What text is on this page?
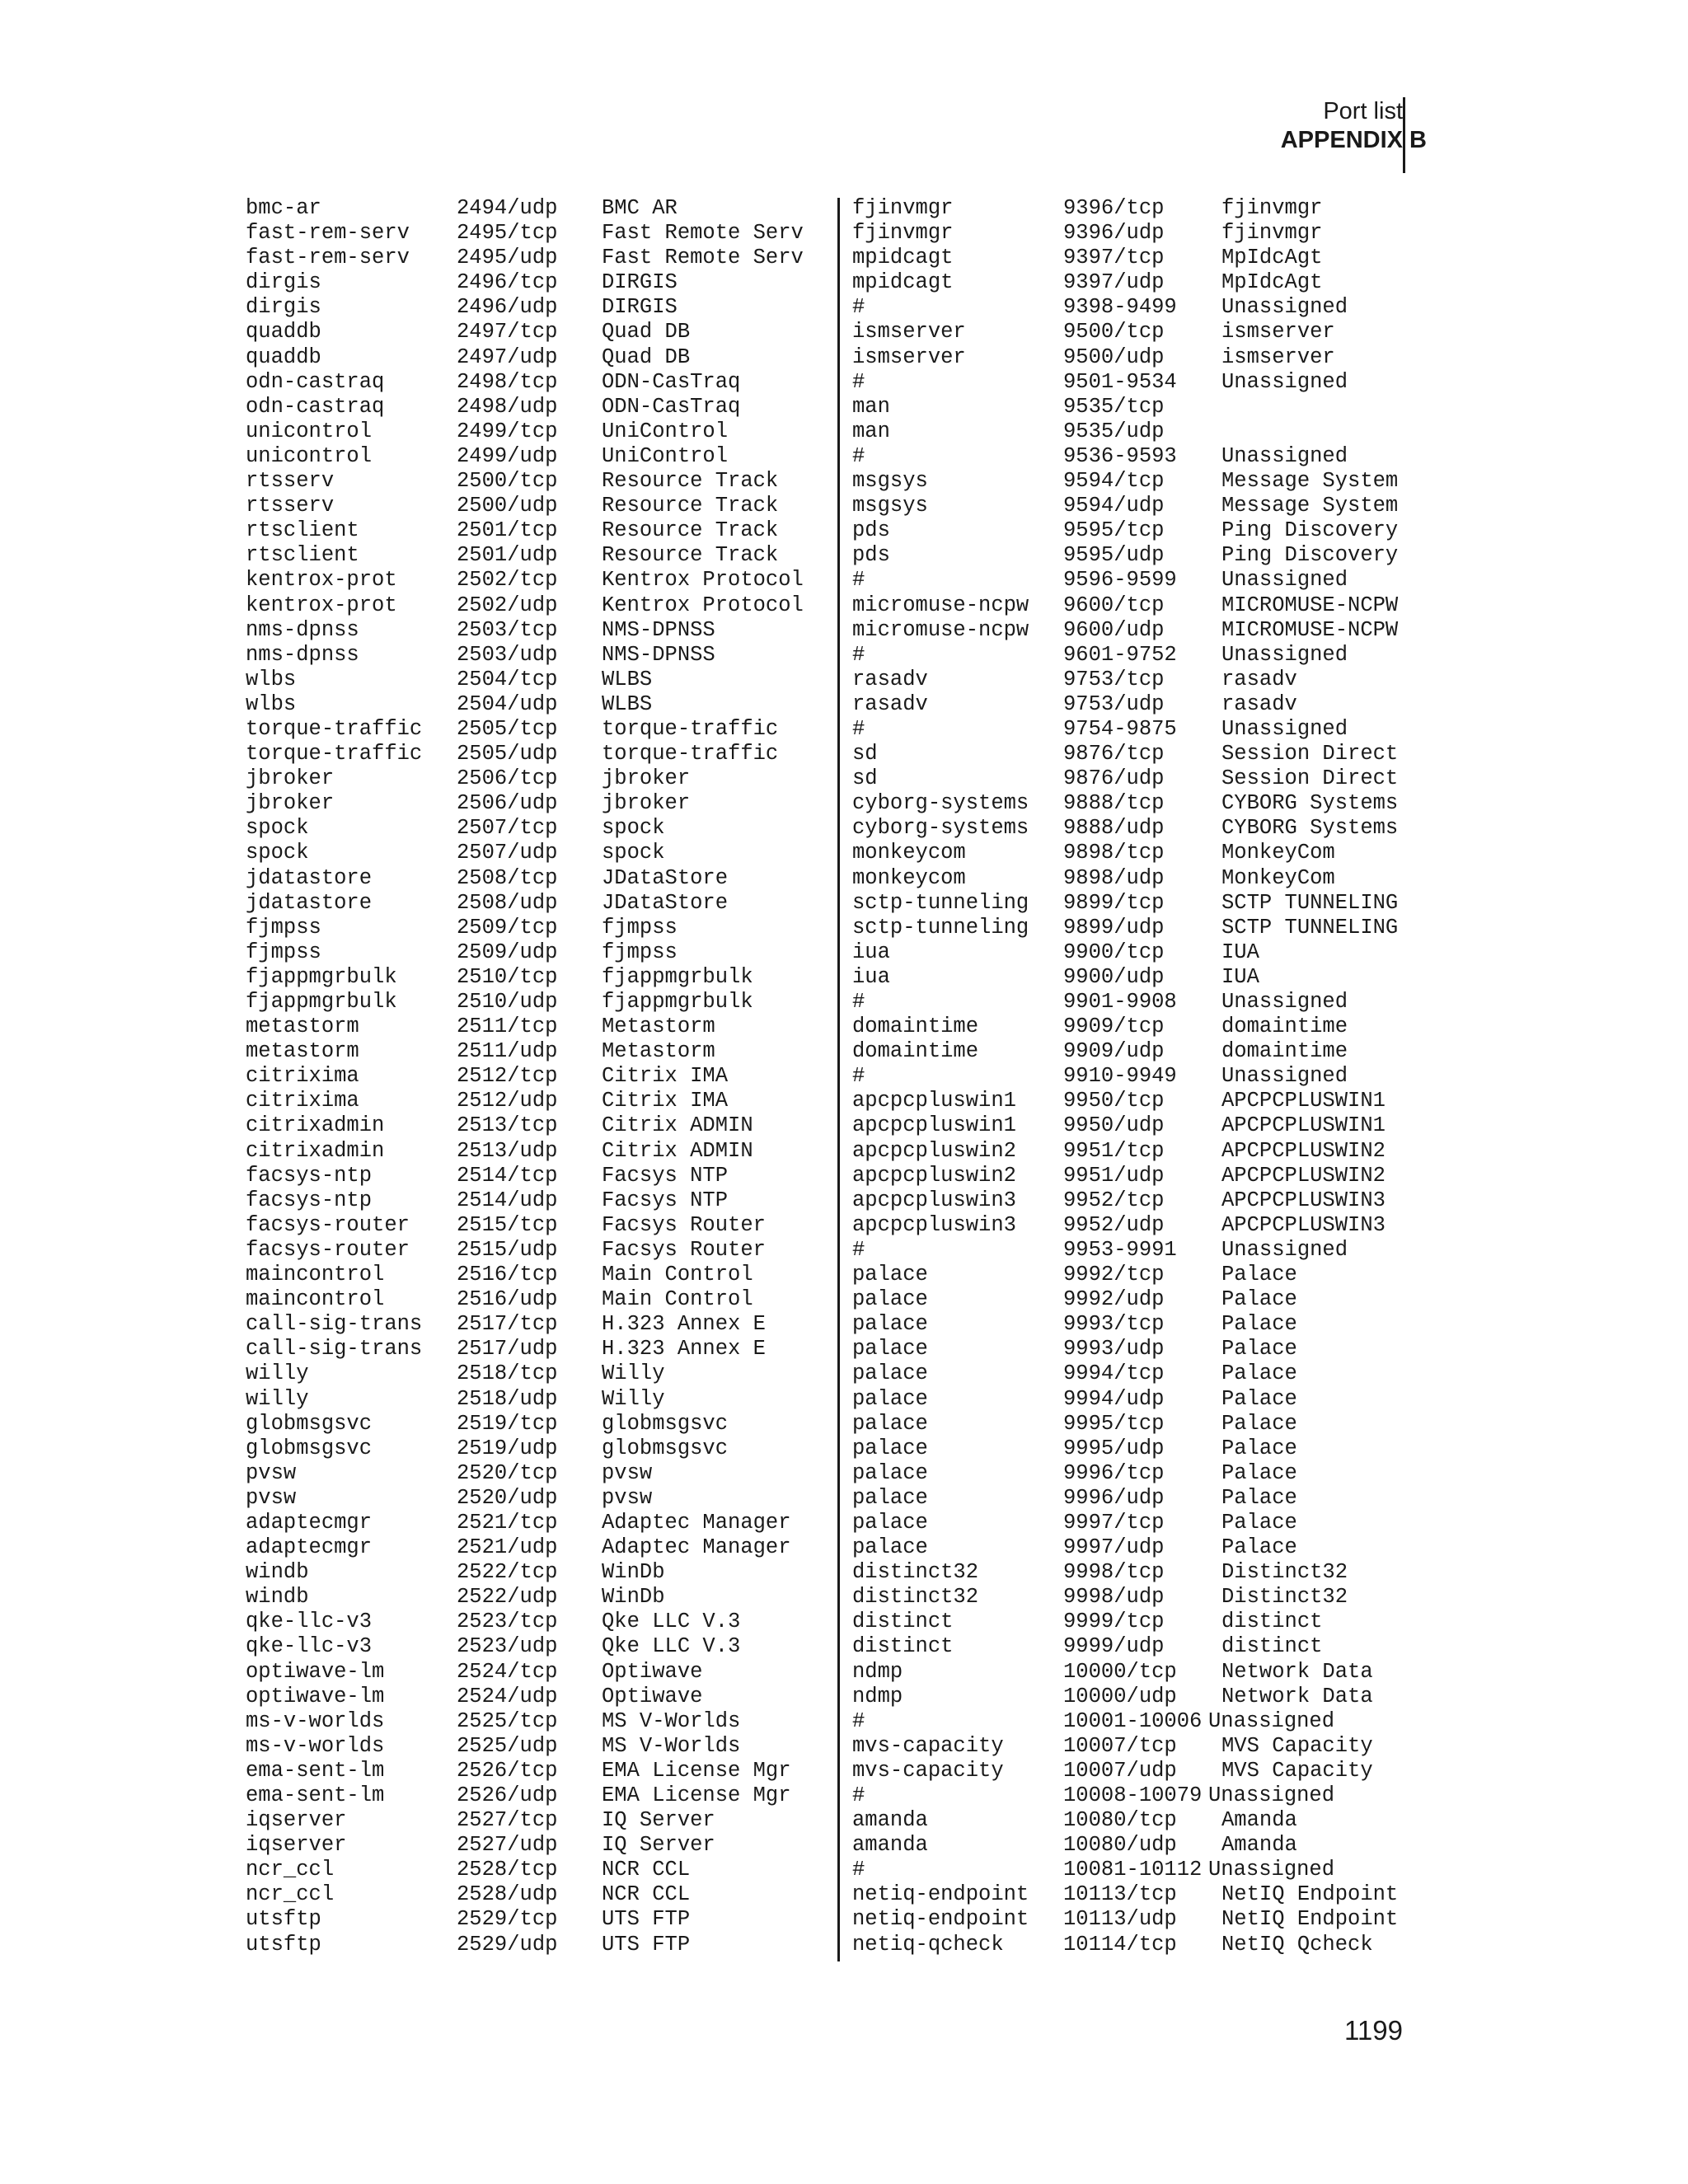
Port list
APPENDIX B
bmc-ar	2494/udp BMC AR
fast-rem-serv 2495/tcp Fast Remote Serv
fast-rem-serv 2495/udp Fast Remote Serv
dirgis	2496/tcp DIRGIS
dirgis	2496/udp DIRGIS
quaddb	2497/tcp Quad DB
quaddb	2497/udp Quad DB
odn-castraq	2498/tcp ODN-CasTraq
odn-castraq	2498/udp ODN-CasTraq
unicontrol	2499/tcp UniControl
unicontrol	2499/udp UniControl
rtsserv	2500/tcp Resource Track
rtsserv	2500/udp Resource Track
rtsclient	2501/tcp Resource Track
rtsclient	2501/udp Resource Track
kentrox-prot	2502/tcp Kentrox Protocol
kentrox-prot	2502/udp Kentrox Protocol
nms-dpnss	2503/tcp NMS-DPNSS
nms-dpnss	2503/udp NMS-DPNSS
wlbs	2504/tcp WLBS
wlbs	2504/udp WLBS
torque-traffic 2505/tcp torque-traffic
torque-traffic 2505/udp torque-traffic
jbroker	2506/tcp jbroker
jbroker	2506/udp jbroker
spock	2507/tcp spock
spock	2507/udp spock
jdatastore	2508/tcp JDataStore
jdatastore	2508/udp JDataStore
fjmpss	2509/tcp fjmpss
fjmpss	2509/udp fjmpss
fjappmgrbulk	2510/tcp fjappmgrbulk
fjappmgrbulk	2510/udp fjappmgrbulk
metastorm	2511/tcp Metastorm
metastorm	2511/udp Metastorm
citrixima	2512/tcp Citrix IMA
citrixima	2512/udp Citrix IMA
citrixadmin	2513/tcp Citrix ADMIN
citrixadmin	2513/udp Citrix ADMIN
facsys-ntp	2514/tcp Facsys NTP
facsys-ntp	2514/udp Facsys NTP
facsys-router 2515/tcp Facsys Router
facsys-router 2515/udp Facsys Router
maincontrol	2516/tcp Main Control
maincontrol	2516/udp Main Control
call-sig-trans 2517/tcp H.323 Annex E
call-sig-trans 2517/udp H.323 Annex E
willy	2518/tcp Willy
willy	2518/udp Willy
globmsgsvc	2519/tcp globmsgsvc
globmsgsvc	2519/udp globmsgsvc
pvsw	2520/tcp pvsw
pvsw	2520/udp pvsw
adaptecmgr	2521/tcp Adaptec Manager
adaptecmgr	2521/udp Adaptec Manager
windb	2522/tcp WinDb
windb	2522/udp WinDb
qke-llc-v3	2523/tcp Qke LLC V.3
qke-llc-v3	2523/udp Qke LLC V.3
optiwave-lm	2524/tcp Optiwave
optiwave-lm	2524/udp Optiwave
ms-v-worlds	2525/tcp MS V-Worlds
ms-v-worlds	2525/udp MS V-Worlds
ema-sent-lm	2526/tcp EMA License Mgr
ema-sent-lm	2526/udp EMA License Mgr
iqserver	2527/tcp IQ Server
iqserver	2527/udp IQ Server
ncr_ccl	2528/tcp NCR CCL
ncr_ccl	2528/udp NCR CCL
utsftp	2529/tcp UTS FTP
utsftp	2529/udp UTS FTP
fjinvmgr	9396/tcp	fjinvmgr
fjinvmgr	9396/udp	fjinvmgr
mpidcagt	9397/tcp	MpIdcAgt
mpidcagt	9397/udp	MpIdcAgt
#	9398-9499 Unassigned
ismserver	9500/tcp	ismserver
ismserver	9500/udp	ismserver
#	9501-9534 Unassigned
man	9535/tcp
man	9535/udp
#	9536-9593 Unassigned
msgsys	9594/tcp	Message System
msgsys	9594/udp	Message System
pds	9595/tcp	Ping Discovery
pds	9595/udp	Ping Discovery
#	9596-9599 Unassigned
micromuse-ncpw 9600/tcp	MICROMUSE-NCPW
micromuse-ncpw 9600/udp	MICROMUSE-NCPW
#	9601-9752 Unassigned
rasadv	9753/tcp	rasadv
rasadv	9753/udp	rasadv
#	9754-9875 Unassigned
sd	9876/tcp	Session Direct
sd	9876/udp	Session Direct
cyborg-systems 9888/tcp	CYBORG Systems
cyborg-systems 9888/udp	CYBORG Systems
monkeycom	9898/tcp	MonkeyCom
monkeycom	9898/udp	MonkeyCom
sctp-tunneling 9899/tcp	SCTP TUNNELING
sctp-tunneling 9899/udp	SCTP TUNNELING
iua	9900/tcp	IUA
iua	9900/udp	IUA
#	9901-9908 Unassigned
domaintime	9909/tcp	domaintime
domaintime	9909/udp	domaintime
#	9910-9949 Unassigned
apcpcpluswin1 9950/tcp	APCPCPLUSWIN1
apcpcpluswin1 9950/udp	APCPCPLUSWIN1
apcpcpluswin2 9951/tcp	APCPCPLUSWIN2
apcpcpluswin2 9951/udp	APCPCPLUSWIN2
apcpcpluswin3 9952/tcp	APCPCPLUSWIN3
apcpcpluswin3 9952/udp	APCPCPLUSWIN3
#	9953-9991 Unassigned
palace	9992/tcp	Palace
palace	9992/udp	Palace
palace	9993/tcp	Palace
palace	9993/udp	Palace
palace	9994/tcp	Palace
palace	9994/udp	Palace
palace	9995/tcp	Palace
palace	9995/udp	Palace
palace	9996/tcp	Palace
palace	9996/udp	Palace
palace	9997/tcp	Palace
palace	9997/udp	Palace
distinct32	9998/tcp	Distinct32
distinct32	9998/udp	Distinct32
distinct	9999/tcp	distinct
distinct	9999/udp	distinct
ndmp	10000/tcp Network Data
ndmp	10000/udp Network Data
#	10001-10006 Unassigned
mvs-capacity	10007/tcp MVS Capacity
mvs-capacity	10007/udp MVS Capacity
#	10008-10079 Unassigned
amanda	10080/tcp Amanda
amanda	10080/udp Amanda
#	10081-10112 Unassigned
netiq-endpoint 10113/tcp NetIQ Endpoint
netiq-endpoint 10113/udp NetIQ Endpoint
netiq-qcheck	10114/tcp NetIQ Qcheck
1199
